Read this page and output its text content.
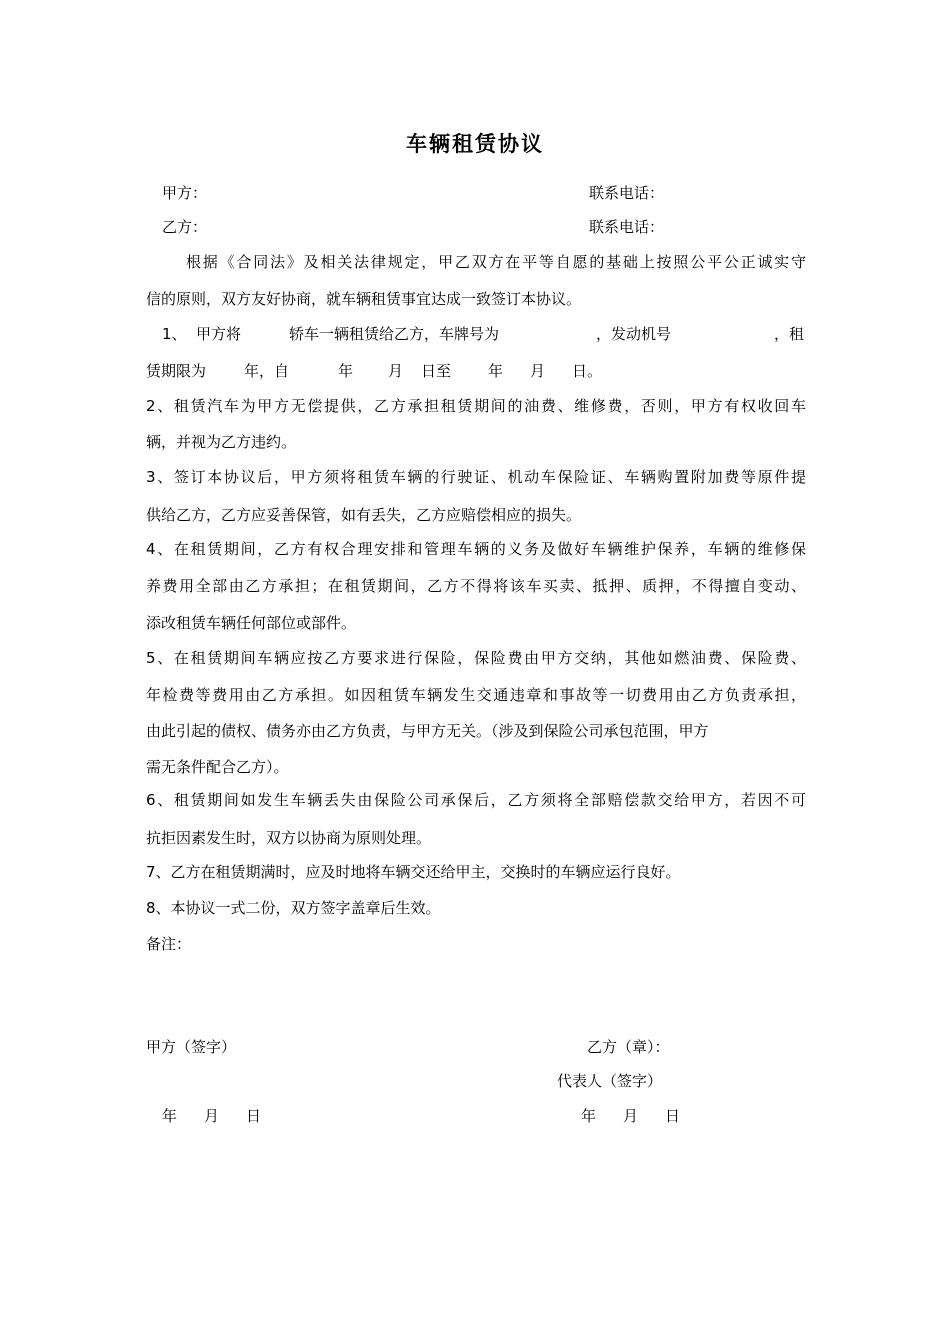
车辆租赁协议
甲方：	联系电话：
乙方：	联系电话：
根据《合同法》及相关法律规定，甲乙双方在平等自愿的基础上按照公平公正诚实守
信的原则，双方友好协商，就车辆租赁事宜达成一致签订本协议。
1、 甲方将	轿车一辆租赁给乙方，车牌号为	，发动机号	，租
赁期限为	年，自	年 月 日至 年 月 日。
2、租赁汽车为甲方无偿提供，乙方承担租赁期间的油费、维修费，否则，甲方有权收回车
辆，并视为乙方违约。
3、签订本协议后，甲方须将租赁车辆的行驶证、机动车保险证、车辆购置附加费等原件提
供给乙方，乙方应妥善保管，如有丢失，乙方应赔偿相应的损失。
4、在租赁期间，乙方有权合理安排和管理车辆的义务及做好车辆维护保养，车辆的维修保
养费用全部由乙方承担；在租赁期间，乙方不得将该车买卖、抵押、质押，不得擅自变动、
添改租赁车辆任何部位或部件。
5、在租赁期间车辆应按乙方要求进行保险，保险费由甲方交纳，其他如燃油费、保险费、
年检费等费用由乙方承担。如因租赁车辆发生交通违章和事故等一切费用由乙方负责承担，
由此引起的债权、债务亦由乙方负责，与甲方无关。（涉及到保险公司承包范围，甲方
需无条件配合乙方）。
6、租赁期间如发生车辆丢失由保险公司承保后，乙方须将全部赔偿款交给甲方，若因不可
抗拒因素发生时，双方以协商为原则处理。
7、乙方在租赁期满时，应及时地将车辆交还给甲主，交换时的车辆应运行良好。
8、本协议一式二份，双方签字盖章后生效。
备注：
甲方（签字）	乙方（章）：
代表人（签字）
年 月 日	年 月 日
